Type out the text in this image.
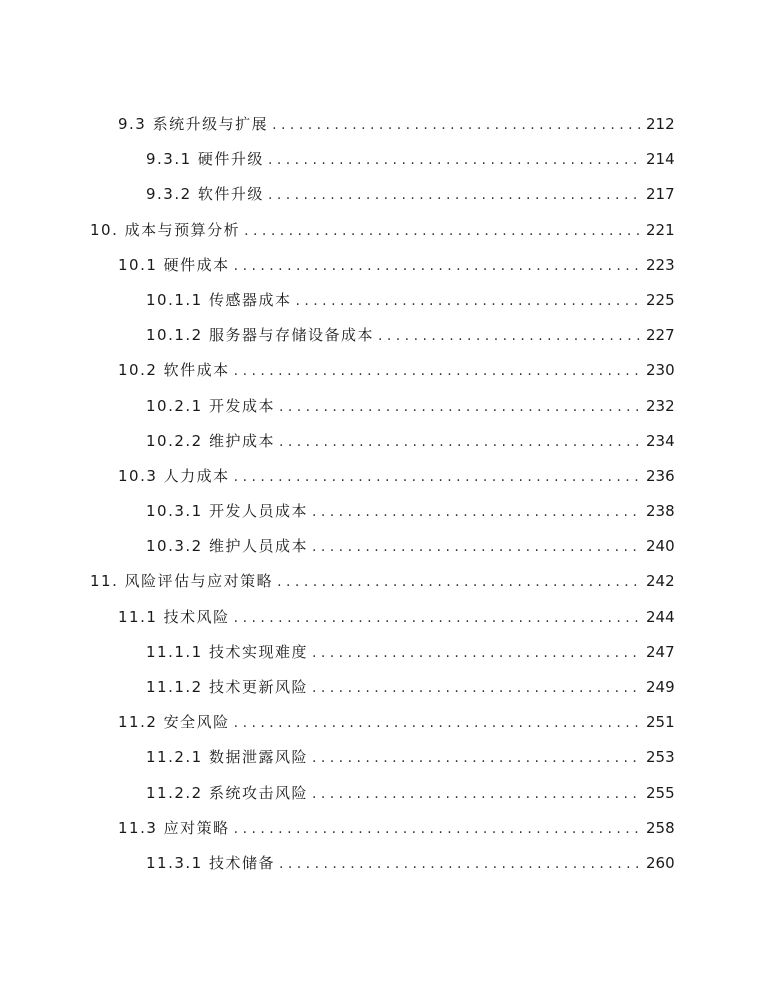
9.3 系统升级与扩展 . . .	212
9.3.1 硬件升级 . . .	214
9.3.2 软件升级 . . .	217
10. 成本与预算分析 . . .	221
10.1 硬件成本 . . .	223
10.1.1 传感器成本 . . .	225
10.1.2 服务器与存储设备成本 . . .	227
10.2 软件成本 . . .	230
10.2.1 开发成本 . . .	232
10.2.2 维护成本 . . .	234
10.3 人力成本 . . .	236
10.3.1 开发人员成本 . . .	238
10.3.2 维护人员成本 . . .	240
11. 风险评估与应对策略 . . .	242
11.1 技术风险 . . .	244
11.1.1 技术实现难度 . . .	247
11.1.2 技术更新风险 . . .	249
11.2 安全风险 . . .	251
11.2.1 数据泄露风险 . . .	253
11.2.2 系统攻击风险 . . .	255
11.3 应对策略 . . .	258
11.3.1 技术储备 . . .	260
